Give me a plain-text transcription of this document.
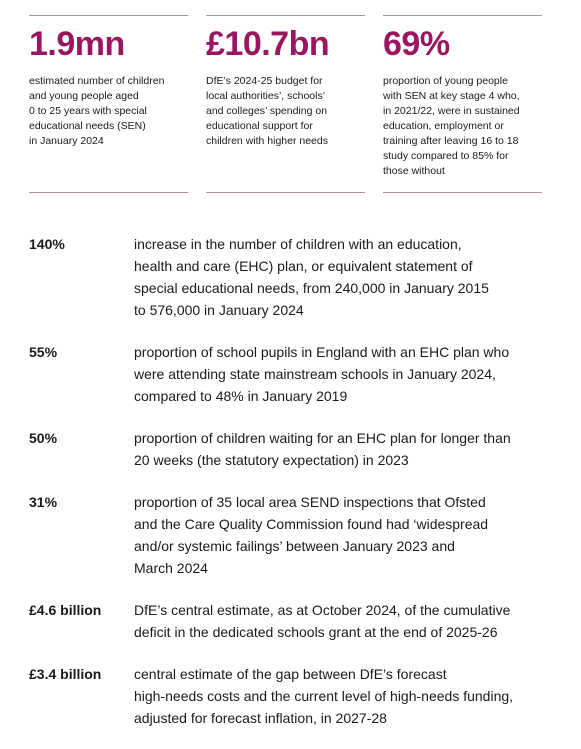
1.9mn
estimated number of children
and young people aged
0 to 25 years with special
educational needs (SEN)
in January 2024
£10.7bn
DfE’s 2024-25 budget for
local authorities’, schools’
and colleges’ spending on
educational support for
children with higher needs
69%
proportion of young people
with SEN at key stage 4 who,
in 2021/22, were in sustained
education, employment or
training after leaving 16 to 18
study compared to 85% for
those without
140%	increase in the number of children with an education,
health and care (EHC) plan, or equivalent statement of
special educational needs, from 240,000 in January 2015
to 576,000 in January 2024
55%	proportion of school pupils in England with an EHC plan who
were attending state mainstream schools in January 2024,
compared to 48% in January 2019
50%	proportion of children waiting for an EHC plan for longer than
20 weeks (the statutory expectation) in 2023
31%	proportion of 35 local area SEND inspections that Ofsted
and the Care Quality Commission found had ‘widespread
and/or systemic failings’ between January 2023 and
March 2024
£4.6 billion DfE’s central estimate, as at October 2024, of the cumulative
deficit in the dedicated schools grant at the end of 2025-26
£3.4 billion central estimate of the gap between DfE’s forecast
high-needs costs and the current level of high-needs funding,
adjusted for forecast inflation, in 2027-28
